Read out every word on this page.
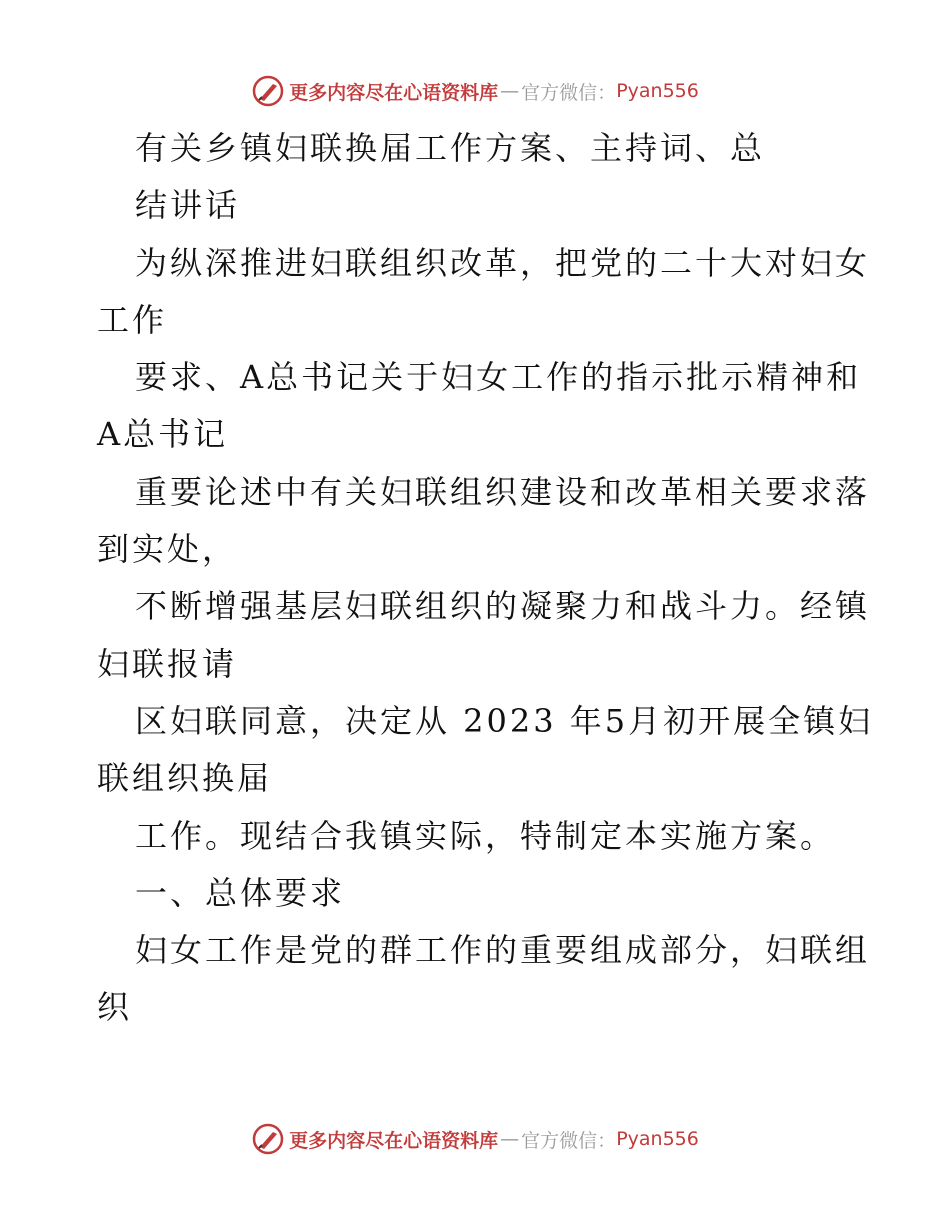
更多内容尽在心语资料库 — 官方微信： Pyan556
有关乡镇妇联换届工作方案、主持词、总
结讲话
为纵深推进妇联组织改革，把党的二十大对妇女
工作
要求、A总书记关于妇女工作的指示批示精神和
A总书记
重要论述中有关妇联组织建设和改革相关要求落
到实处，
不断增强基层妇联组织的凝聚力和战斗力。经镇
妇联报请
区妇联同意，决定从 2023 年5月初开展全镇妇
联组织换届
工作。现结合我镇实际，特制定本实施方案。
一、总体要求
妇女工作是党的群工作的重要组成部分，妇联组
织
更多内容尽在心语资料库 — 官方微信： Pyan556
